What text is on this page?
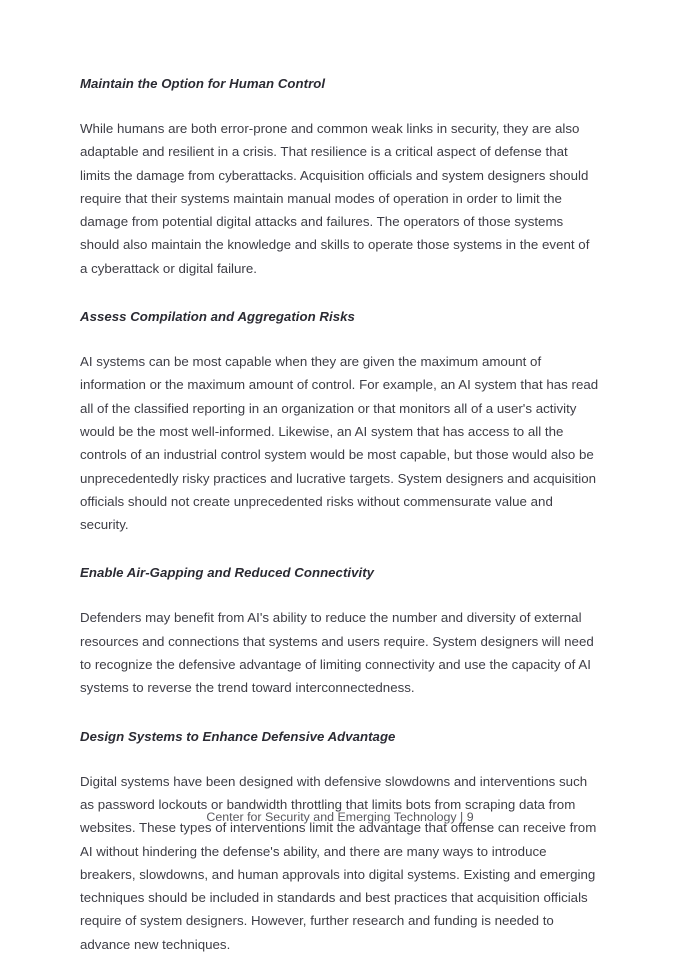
Maintain the Option for Human Control

While humans are both error-prone and common weak links in security, they are also adaptable and resilient in a crisis. That resilience is a critical aspect of defense that limits the damage from cyberattacks. Acquisition officials and system designers should require that their systems maintain manual modes of operation in order to limit the damage from potential digital attacks and failures. The operators of those systems should also maintain the knowledge and skills to operate those systems in the event of a cyberattack or digital failure.

Assess Compilation and Aggregation Risks

AI systems can be most capable when they are given the maximum amount of information or the maximum amount of control. For example, an AI system that has read all of the classified reporting in an organization or that monitors all of a user's activity would be the most well-informed. Likewise, an AI system that has access to all the controls of an industrial control system would be most capable, but those would also be unprecedentedly risky practices and lucrative targets. System designers and acquisition officials should not create unprecedented risks without commensurate value and security.

Enable Air-Gapping and Reduced Connectivity

Defenders may benefit from AI's ability to reduce the number and diversity of external resources and connections that systems and users require. System designers will need to recognize the defensive advantage of limiting connectivity and use the capacity of AI systems to reverse the trend toward interconnectedness.

Design Systems to Enhance Defensive Advantage

Digital systems have been designed with defensive slowdowns and interventions such as password lockouts or bandwidth throttling that limits bots from scraping data from websites. These types of interventions limit the advantage that offense can receive from AI without hindering the defense's ability, and there are many ways to introduce breakers, slowdowns, and human approvals into digital systems. Existing and emerging techniques should be included in standards and best practices that acquisition officials require of system designers. However, further research and funding is needed to advance new techniques.

Center for Security and Emerging Technology | 9
